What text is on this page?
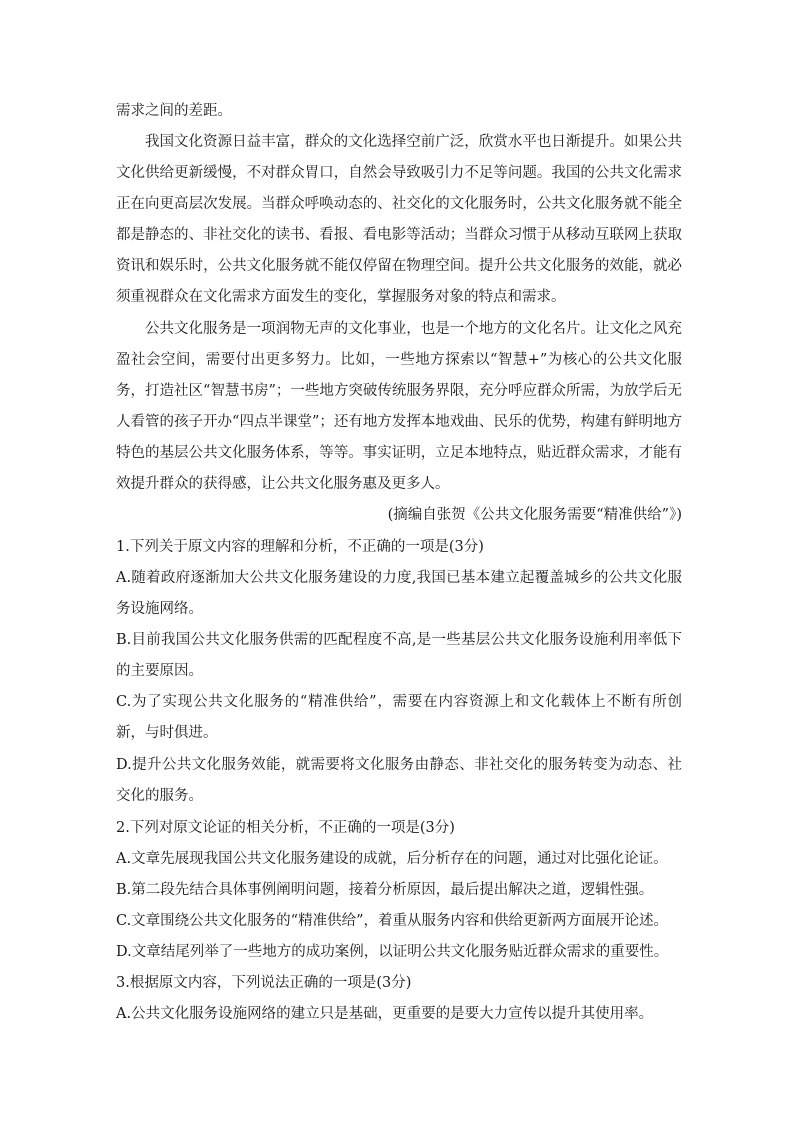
需求之间的差距。

我国文化资源日益丰富，群众的文化选择空前广泛，欣赏水平也日渐提升。如果公共文化供给更新缓慢，不对群众胃口，自然会导致吸引力不足等问题。我国的公共文化需求正在向更高层次发展。当群众呼唤动态的、社交化的文化服务时，公共文化服务就不能全都是静态的、非社交化的读书、看报、看电影等活动；当群众习惯于从移动互联网上获取资讯和娱乐时，公共文化服务就不能仅停留在物理空间。提升公共文化服务的效能，就必须重视群众在文化需求方面发生的变化，掌握服务对象的特点和需求。

公共文化服务是一项润物无声的文化事业，也是一个地方的文化名片。让文化之风充盈社会空间，需要付出更多努力。比如，一些地方探索以“智慧+”为核心的公共文化服务，打造社区“智慧书房”；一些地方突破传统服务界限，充分呼应群众所需，为放学后无人看管的孩子开办“四点半课堂”；还有地方发挥本地戏曲、民乐的优势，构建有鲜明地方特色的基层公共文化服务体系，等等。事实证明，立足本地特点，贴近群众需求，才能有效提升群众的获得感，让公共文化服务惠及更多人。

(摘编自张贺《公共文化服务需要“精准供给”》)

1.下列关于原文内容的理解和分析，不正确的一项是(3分)

A.随着政府逐渐加大公共文化服务建设的力度,我国已基本建立起覆盖城乡的公共文化服务设施网络。

B.目前我国公共文化服务供需的匹配程度不高,是一些基层公共文化服务设施利用率低下的主要原因。

C.为了实现公共文化服务的“精准供给”，需要在内容资源上和文化载体上不断有所创新，与时俱进。

D.提升公共文化服务效能，就需要将文化服务由静态、非社交化的服务转变为动态、社交化的服务。

2.下列对原文论证的相关分析，不正确的一项是(3分)

A.文章先展现我国公共文化服务建设的成就，后分析存在的问题，通过对比强化论证。

B.第二段先结合具体事例阐明问题，接着分析原因，最后提出解决之道，逻辑性强。

C.文章围绕公共文化服务的“精准供给”，着重从服务内容和供给更新两方面展开论述。

D.文章结尾列举了一些地方的成功案例，以证明公共文化服务贴近群众需求的重要性。

3.根据原文内容，下列说法正确的一项是(3分)

A.公共文化服务设施网络的建立只是基础，更重要的是要大力宣传以提升其使用率。
